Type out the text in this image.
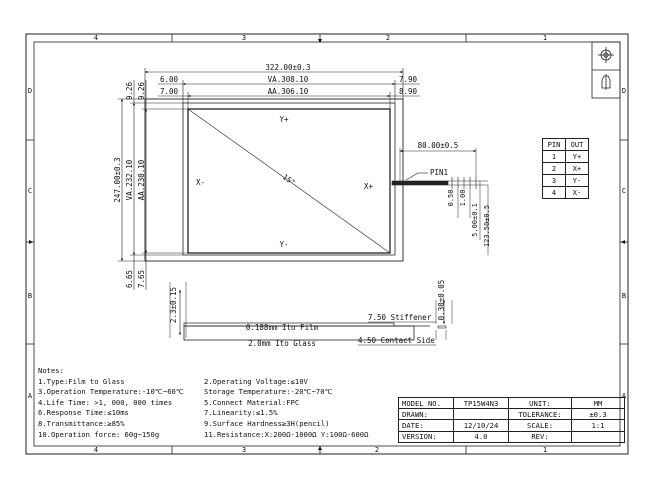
4	3	2	1
4	3	2	1
D
C
B
A
D
C
B
A
322.00±0.3
VA.308.10
AA.306.10
6.00
7.00
7.90
8.90
247.00±0.3 VA.232.10 AA.230.10
9.26 9.26
6.65 7.65
Y+
Y-
X-	X+
15"
80.00±0.5
PIN1
0.50 1.00
5.00±0.1 123.50±0.5
2.3±0.15	0.30±0.05
0.188mm Ito Film
2.0mm Ito Glass
7.50 Stiffener
4.50 Contact Side
PIN	OUT
1	Y+
2	X+
3	Y-
4	X-
Notes:
1.Type:Film to Glass	2.Operating Voltage:≤10V
3.Operation Temperature:-10℃~60℃	Storage Temperature:-20℃~70℃
4.Life Time: >1, 000, 000 times	5.Connect Material:FPC
6.Response Time:≤10ms	7.Linearity:≤1.5%
8.Transmittance:≥85%	9.Surface Hardness≥3H(pencil)
10.Operation force: 60g~150g	11.Resistance:X:200Ω-1000Ω Y:100Ω-600Ω
MODEL NO.	TP15W4N3	UNIT:	MM
DRAWN:		TOLERANCE:	±0.3
DATE:	12/10/24	SCALE:	1:1
VERSION:	4.0	REV:	
